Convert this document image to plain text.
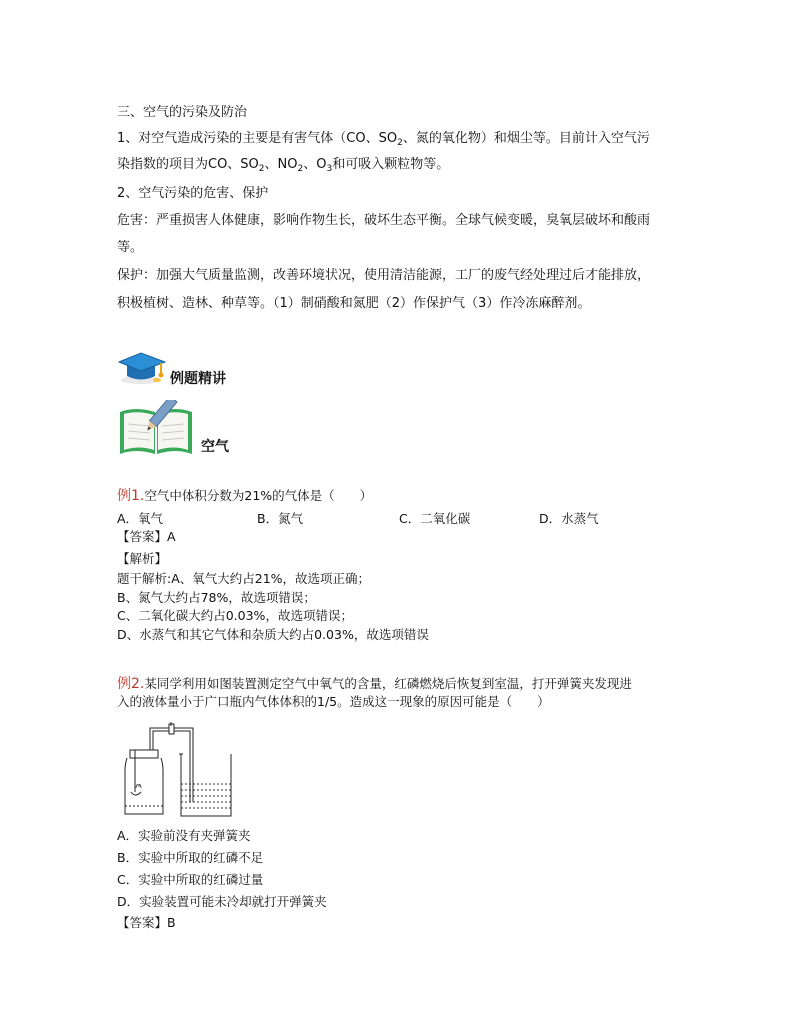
三、空气的污染及防治
1、对空气造成污染的主要是有害气体（CO、$SO_2$、氮的氧化物）和烟尘等。目前计入空气污
染指数的项目为CO、$SO_2$、$NO_2$、$O_3$和可吸入颗粒物等。
2、空气污染的危害、保护
危害：严重损害人体健康，影响作物生长，破坏生态平衡。全球气候变暖，臭氧层破坏和酸雨
等。
保护：加强大气质量监测，改善环境状况，使用清洁能源，工厂的废气经处理过后才能排放，
积极植树、造林、种草等。（1）制硝酸和氮肥（2）作保护气（3）作冷冻麻醉剂。
例题精讲
空气
例1.空气中体积分数为21%的气体是（　　）
A．氧气	B．氮气	C．二氧化碳	D．水蒸气
【答案】A
【解析】
题干解析:A、氧气大约占21%，故选项正确；
B、氮气大约占78%，故选项错误；
C、二氧化碳大约占0.03%，故选项错误；
D、水蒸气和其它气体和杂质大约占0.03%，故选项错误
例2.某同学利用如图装置测定空气中氧气的含量，红磷燃烧后恢复到室温，打开弹簧夹发现进
入的液体量小于广口瓶内气体体积的1/5。造成这一现象的原因可能是（　　）
A．实验前没有夹弹簧夹
B．实验中所取的红磷不足
C．实验中所取的红磷过量
D．实验装置可能未冷却就打开弹簧夹
【答案】B
